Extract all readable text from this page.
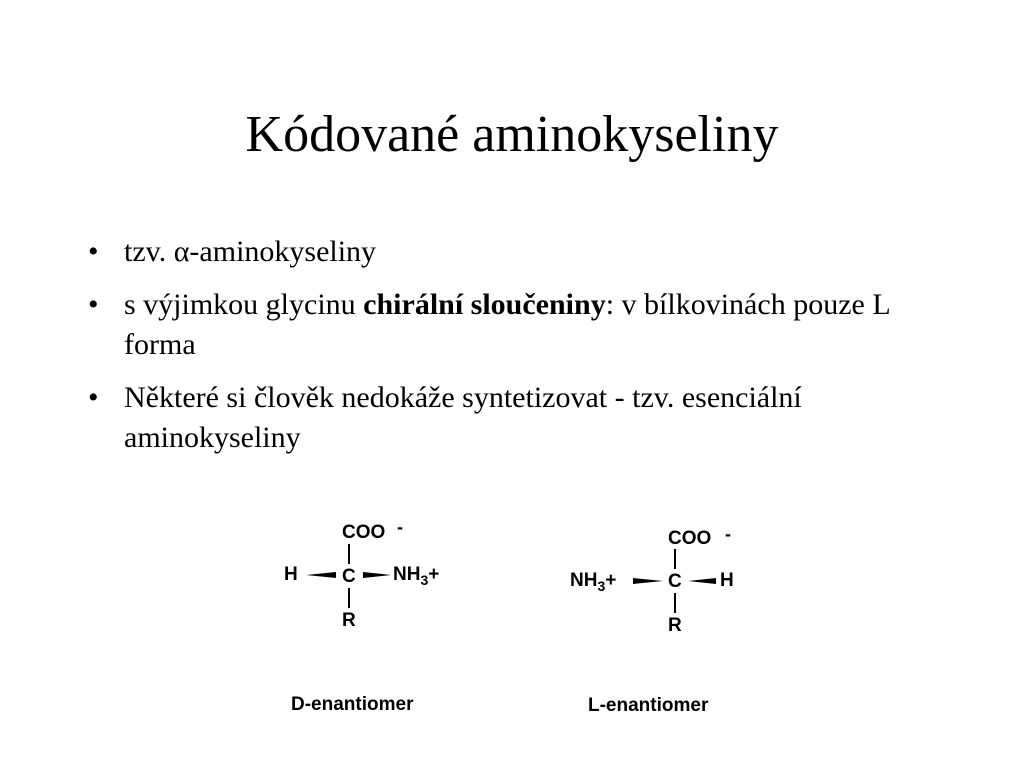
Kódované aminokyseliny
• tzv. α-aminokyseliny
• s výjimkou glycinu chirální sloučeniny: v bílkovinách pouze L forma
• Některé si člověk nedokáže syntetizovat - tzv. esenciální aminokyseliny
COO -
H C $NH_3+$
R
COO -
$NH_3+$	C H
R
D-enantiomer	L-enantiomer
